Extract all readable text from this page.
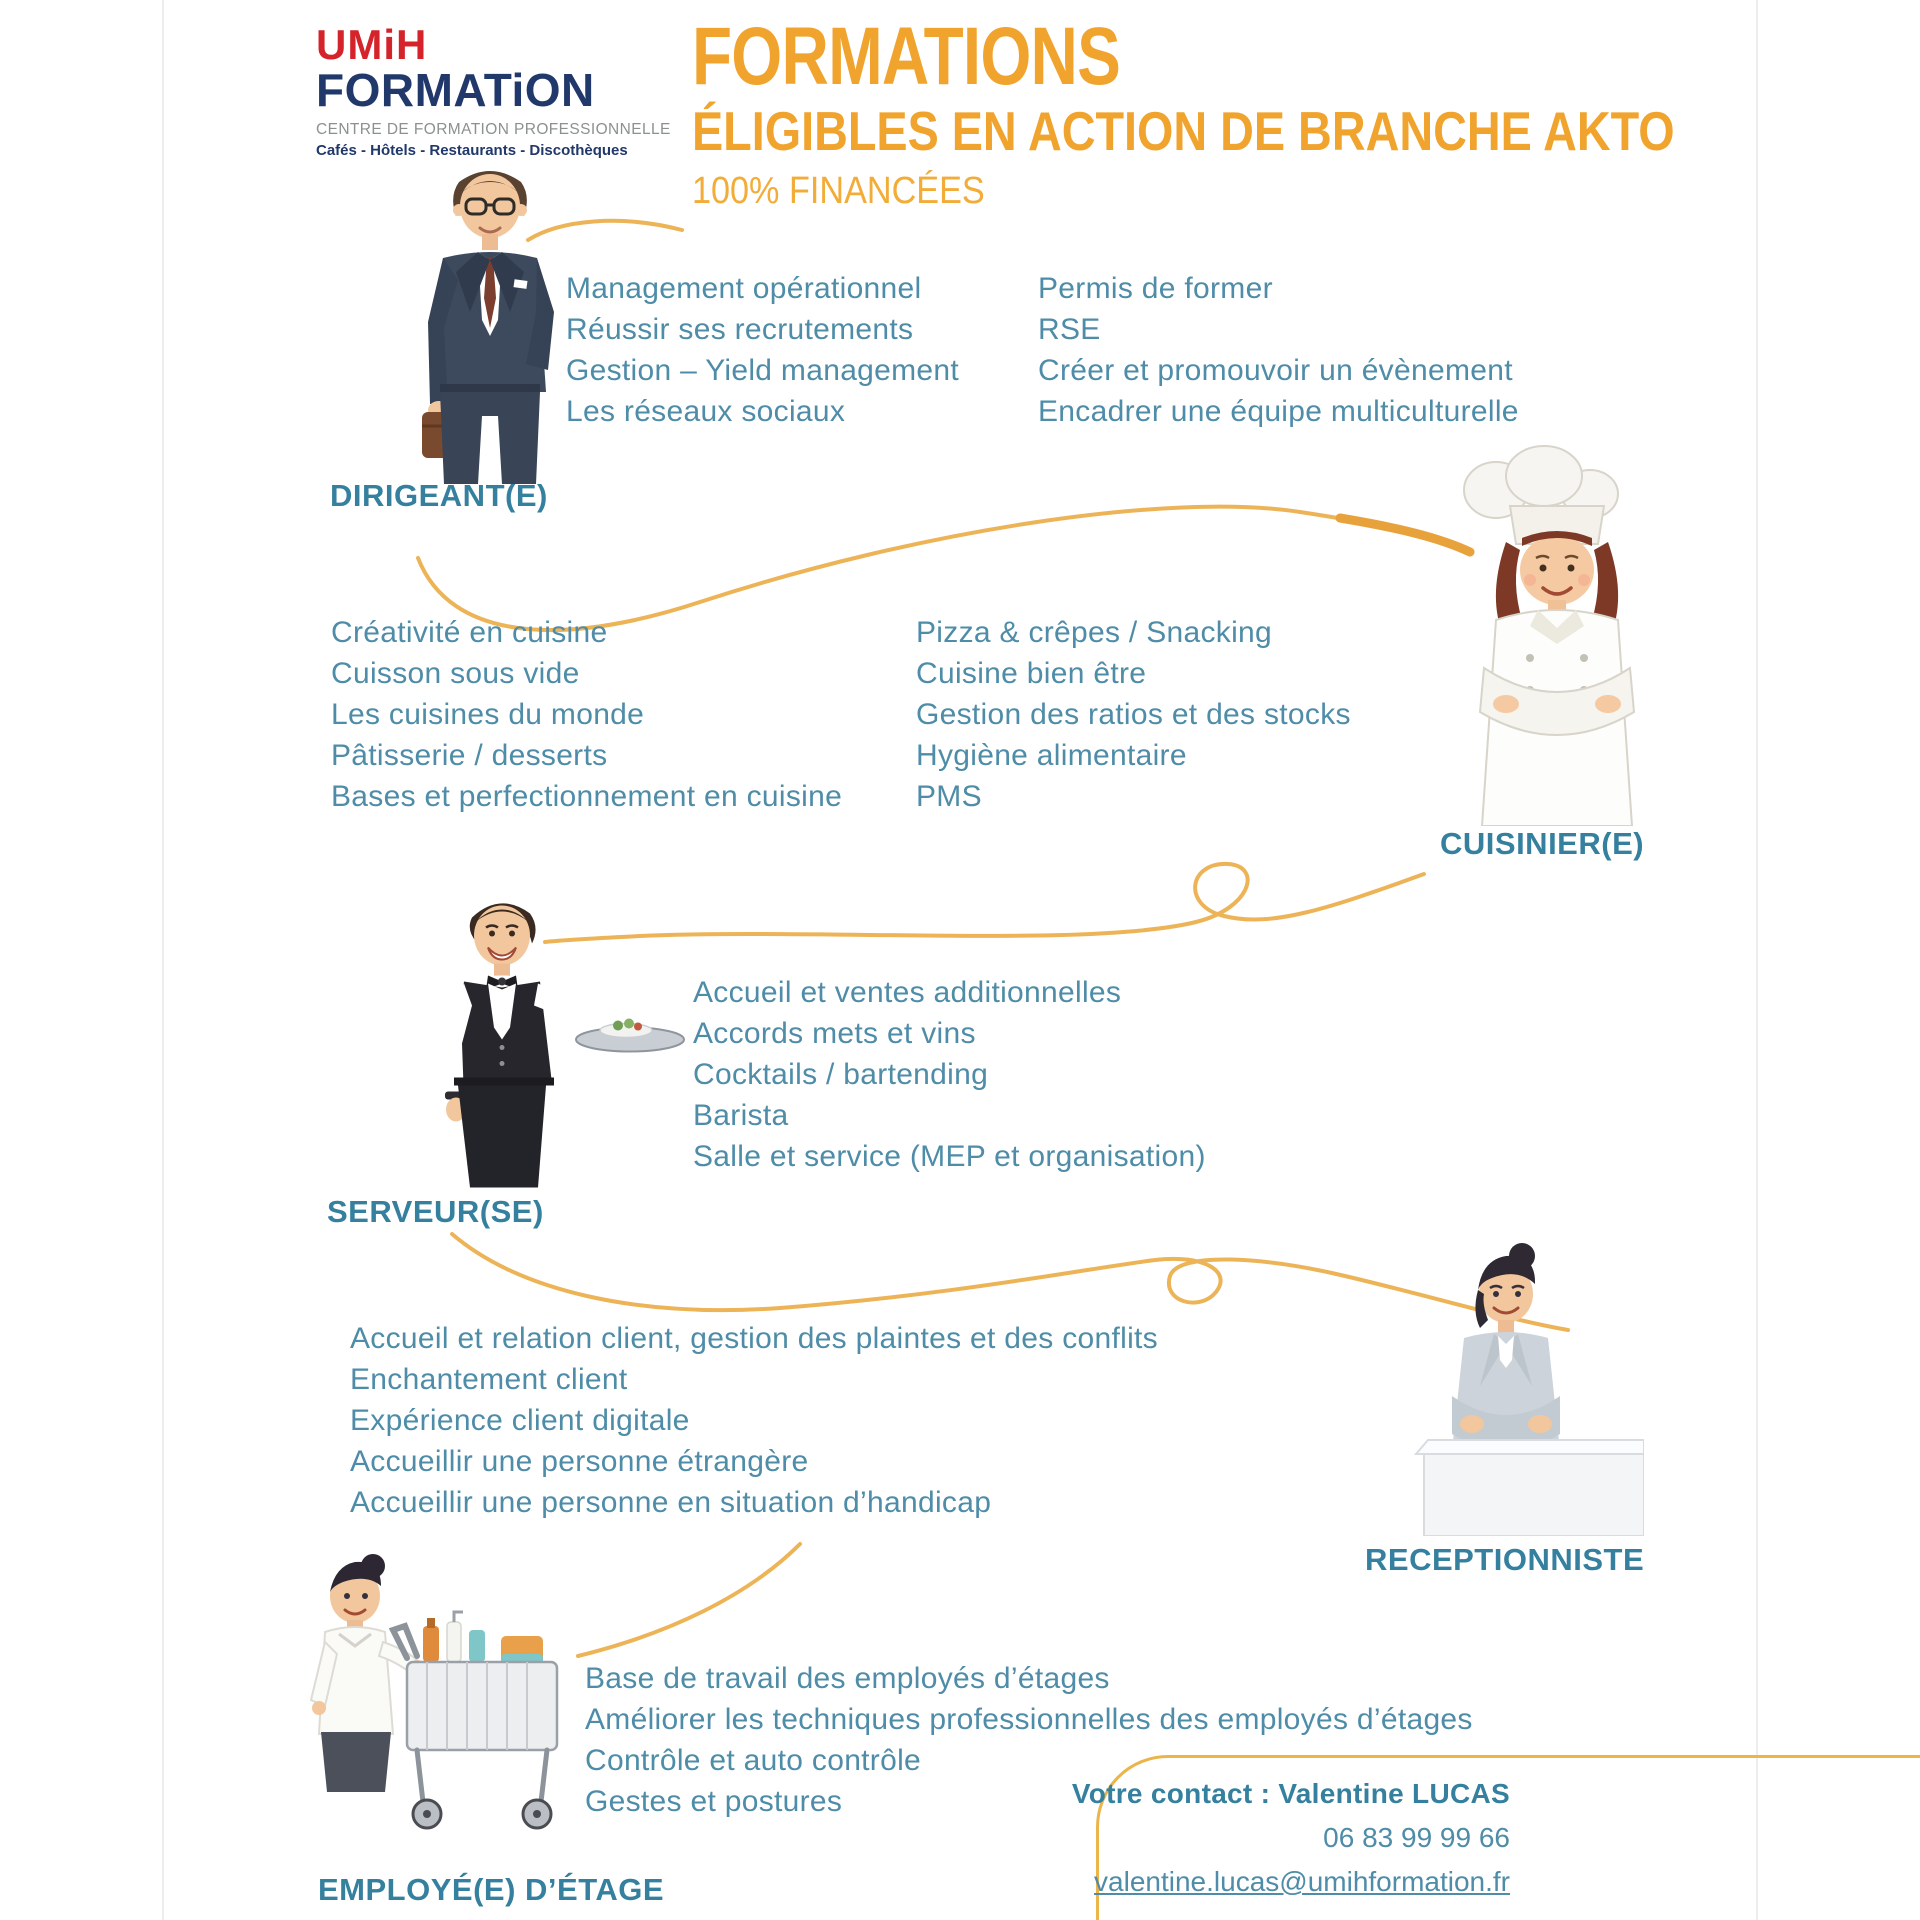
UMiH
FORMATiON
CENTRE DE FORMATION PROFESSIONNELLE
Cafés - Hôtels - Restaurants - Discothèques
FORMATIONS
ÉLIGIBLES EN ACTION DE BRANCHE AKTO
100% FINANCÉES
Management opérationnel
Réussir ses recrutements
Gestion – Yield management
Les réseaux sociaux
Permis de former
RSE
Créer et promouvoir un évènement
Encadrer une équipe multiculturelle
Créativité en cuisine
Cuisson sous vide
Les cuisines du monde
Pâtisserie / desserts
Bases et perfectionnement en cuisine
Pizza & crêpes / Snacking
Cuisine bien être
Gestion des ratios et des stocks
Hygiène alimentaire
PMS
Accueil et ventes additionnelles
Accords mets et vins
Cocktails / bartending
Barista
Salle et service (MEP et organisation)
Accueil et relation client, gestion des plaintes et des conflits
Enchantement client
Expérience client digitale
Accueillir une personne étrangère
Accueillir une personne en situation d’handicap
Base de travail des employés d’étages
Améliorer les techniques professionnelles des employés d’étages
Contrôle et auto contrôle
Gestes et postures
DIRIGEANT(E)
CUISINIER(E)
SERVEUR(SE)
RECEPTIONNISTE
EMPLOYÉ(E) D’ÉTAGE
Votre contact : Valentine LUCAS
06 83 99 99 66
valentine.lucas@umihformation.fr
